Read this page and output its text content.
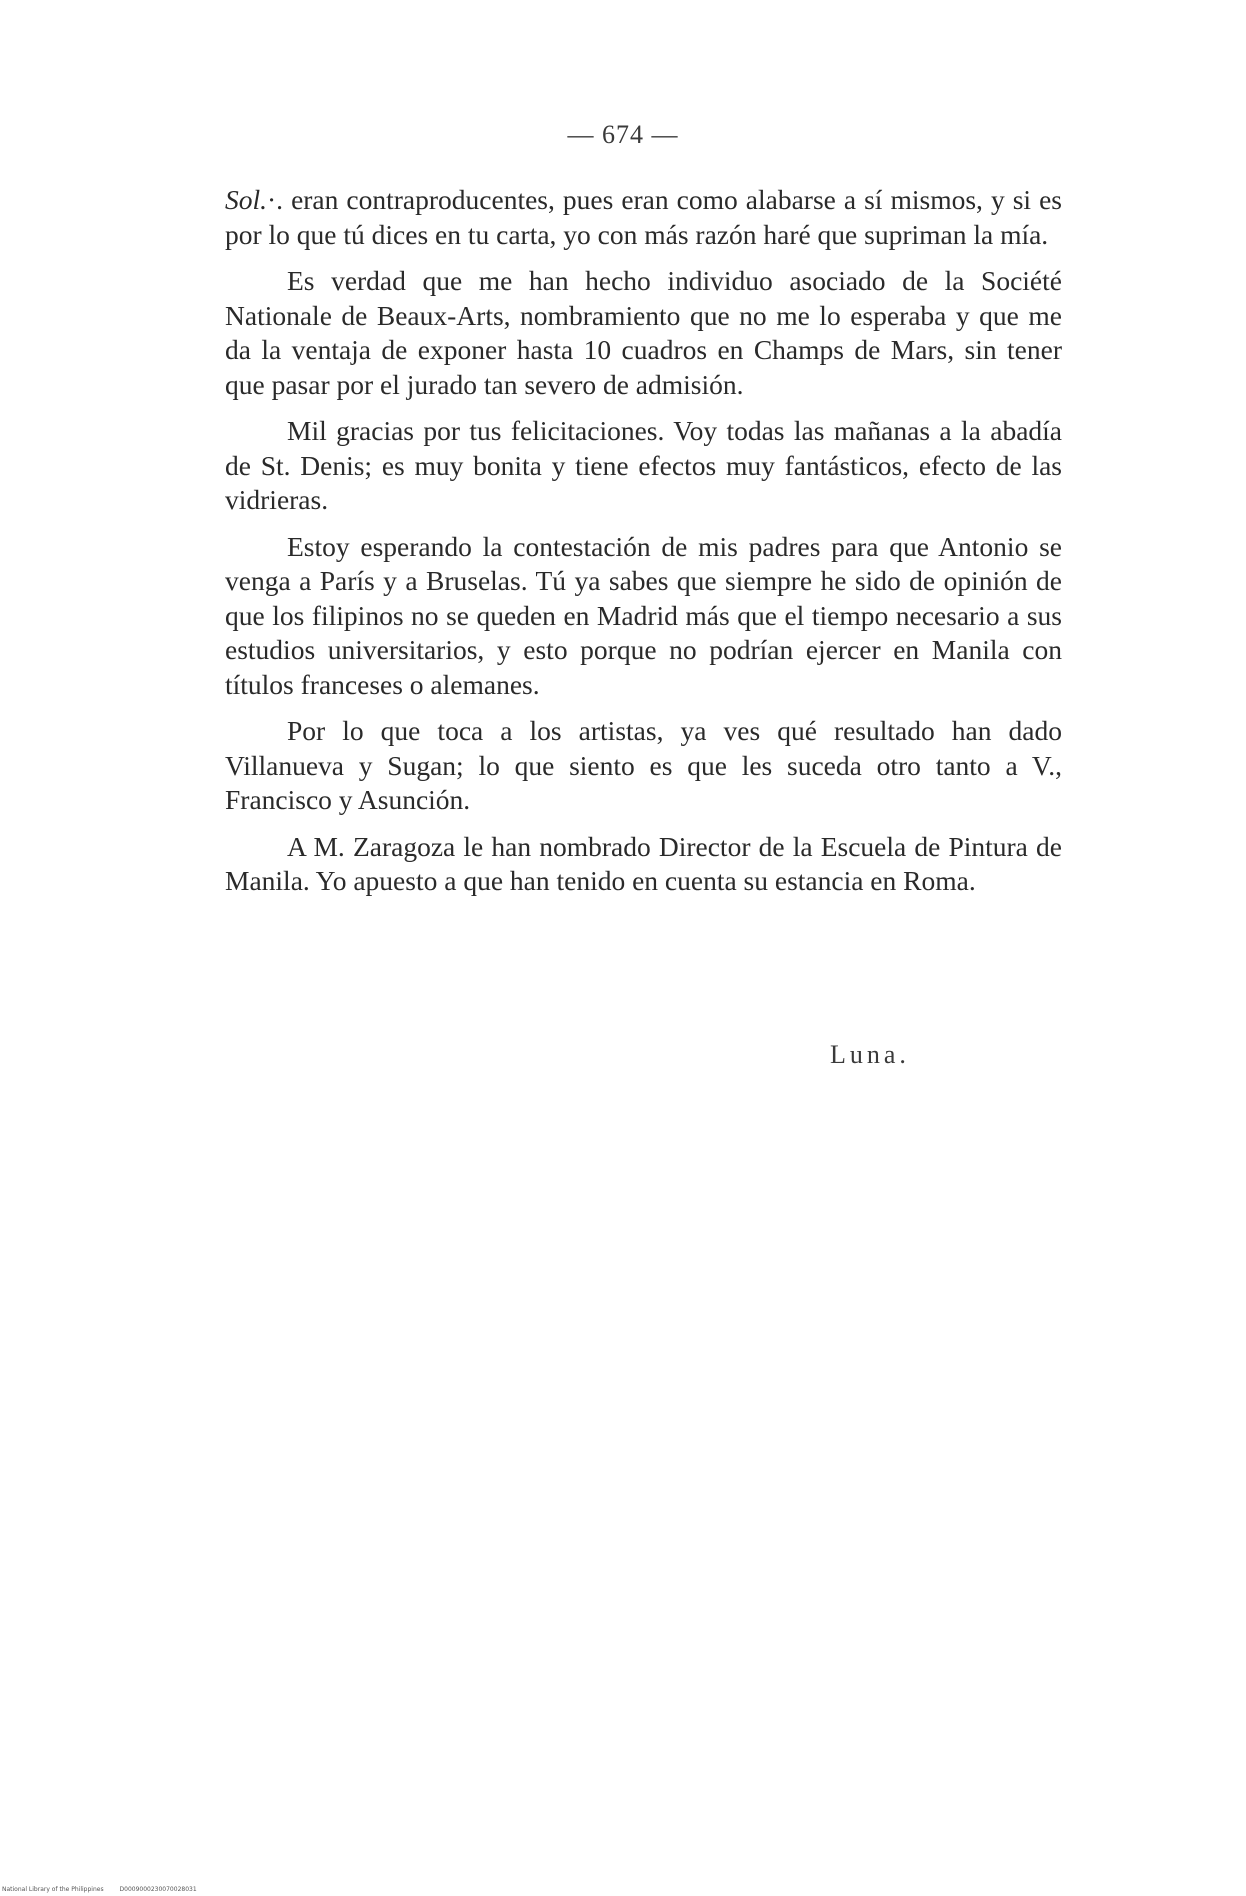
— 674 —

Sol.·. eran contraproducentes, pues eran como alabarse a sí mismos, y si es por lo que tú dices en tu carta, yo con más razón haré que supriman la mía.

Es verdad que me han hecho individuo asociado de la Société Nationale de Beaux-Arts, nombramiento que no me lo esperaba y que me da la ventaja de exponer hasta 10 cuadros en Champs de Mars, sin tener que pasar por el jurado tan severo de admisión.

Mil gracias por tus felicitaciones. Voy todas las mañanas a la abadía de St. Denis; es muy bonita y tiene efectos muy fantásticos, efecto de las vidrieras.

Estoy esperando la contestación de mis padres para que Antonio se venga a París y a Bruselas. Tú ya sabes que siempre he sido de opinión de que los filipinos no se queden en Madrid más que el tiempo necesario a sus estudios universitarios, y esto porque no podrían ejercer en Manila con títulos franceses o alemanes.

Por lo que toca a los artistas, ya ves qué resultado han dado Villanueva y Sugan; lo que siento es que les suceda otro tanto a V., Francisco y Asunción.

A M. Zaragoza le han nombrado Director de la Escuela de Pintura de Manila. Yo apuesto a que han tenido en cuenta su estancia en Roma.

Luna.
National Library of the Philippines	D0009000230070028031
